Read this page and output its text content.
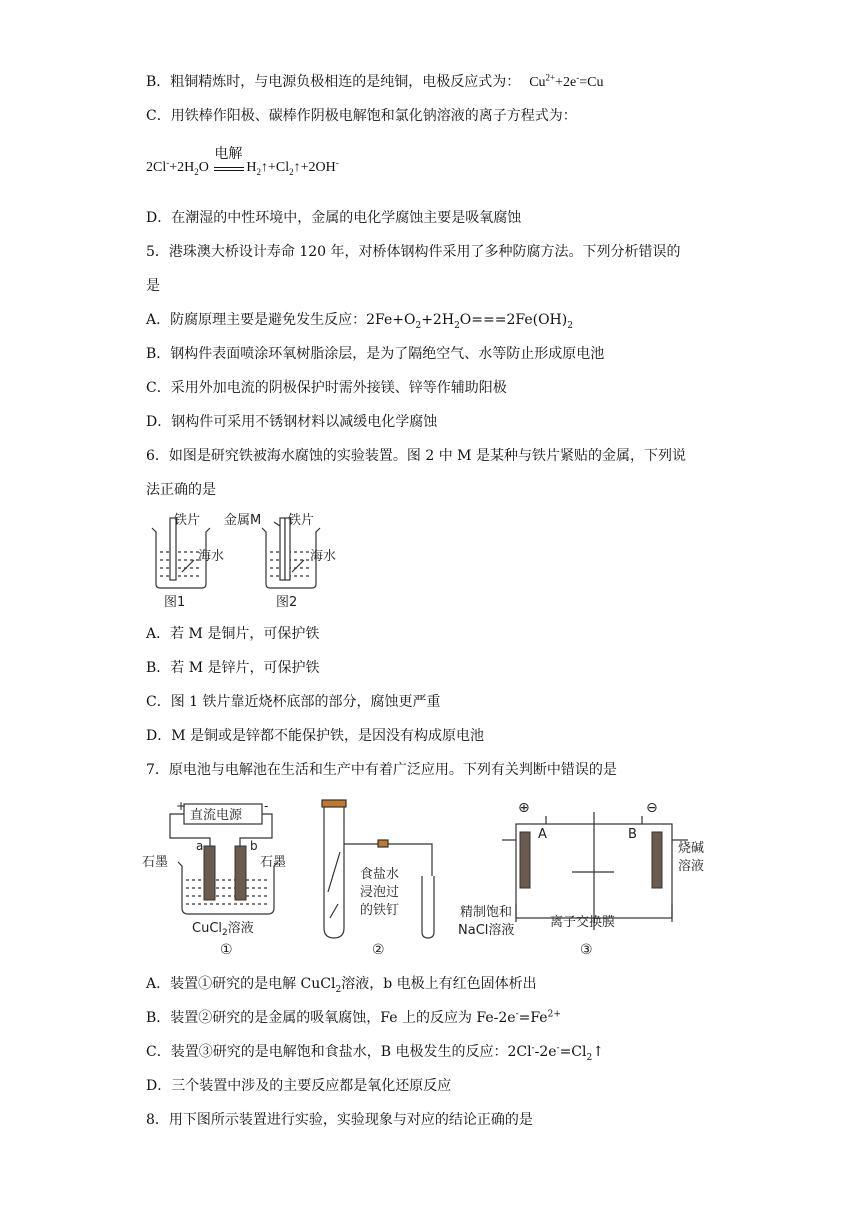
B．粗铜精炼时，与电源负极相连的是纯铜，电极反应式为： $Cu^{2+}+2e^-=Cu$
C．用铁棒作阳极、碳棒作阴极电解饱和氯化钠溶液的离子方程式为：
$2Cl^-+2H_2O$
电解
$H_2↑+Cl_2↑+2OH^-$
D．在潮湿的中性环境中，金属的电化学腐蚀主要是吸氧腐蚀
5．港珠澳大桥设计寿命 120 年，对桥体钢构件采用了多种防腐方法。下列分析错误的
是
A．防腐原理主要是避免发生反应：$2Fe+O_2+2H_2O===2Fe(OH)_2$
B．钢构件表面喷涂环氧树脂涂层，是为了隔绝空气、水等防止形成原电池
C．采用外加电流的阴极保护时需外接镁、锌等作辅助阳极
D．钢构件可采用不锈钢材料以减缓电化学腐蚀
6．如图是研究铁被海水腐蚀的实验装置。图 2 中 M 是某种与铁片紧贴的金属，下列说
法正确的是
铁片
海水
图1
金属M 铁片
海水
图2
A．若 M 是铜片，可保护铁
B．若 M 是锌片，可保护铁
C．图 1 铁片靠近烧杯底部的部分，腐蚀更严重
D．M 是铜或是锌都不能保护铁，是因没有构成原电池
7．原电池与电解池在生活和生产中有着广泛应用。下列有关判断中错误的是
+	-
直流电源
a	b
石墨	石墨
CuCl$_2$溶液
①
食盐水
浸泡过
的铁钉
②
⊕	⊖
A	B
烧碱
溶液
精制饱和
NaCl溶液
离子交换膜
③
A．装置①研究的是电解 CuCl$_2$溶液，b 电极上有红色固体析出
B．装置②研究的是金属的吸氧腐蚀，Fe 上的反应为 $Fe-2e^-=Fe^{2+}$
C．装置③研究的是电解饱和食盐水，B 电极发生的反应：$2Cl^--2e^-=Cl_2↑$
D．三个装置中涉及的主要反应都是氧化还原反应
8．用下图所示装置进行实验，实验现象与对应的结论正确的是
